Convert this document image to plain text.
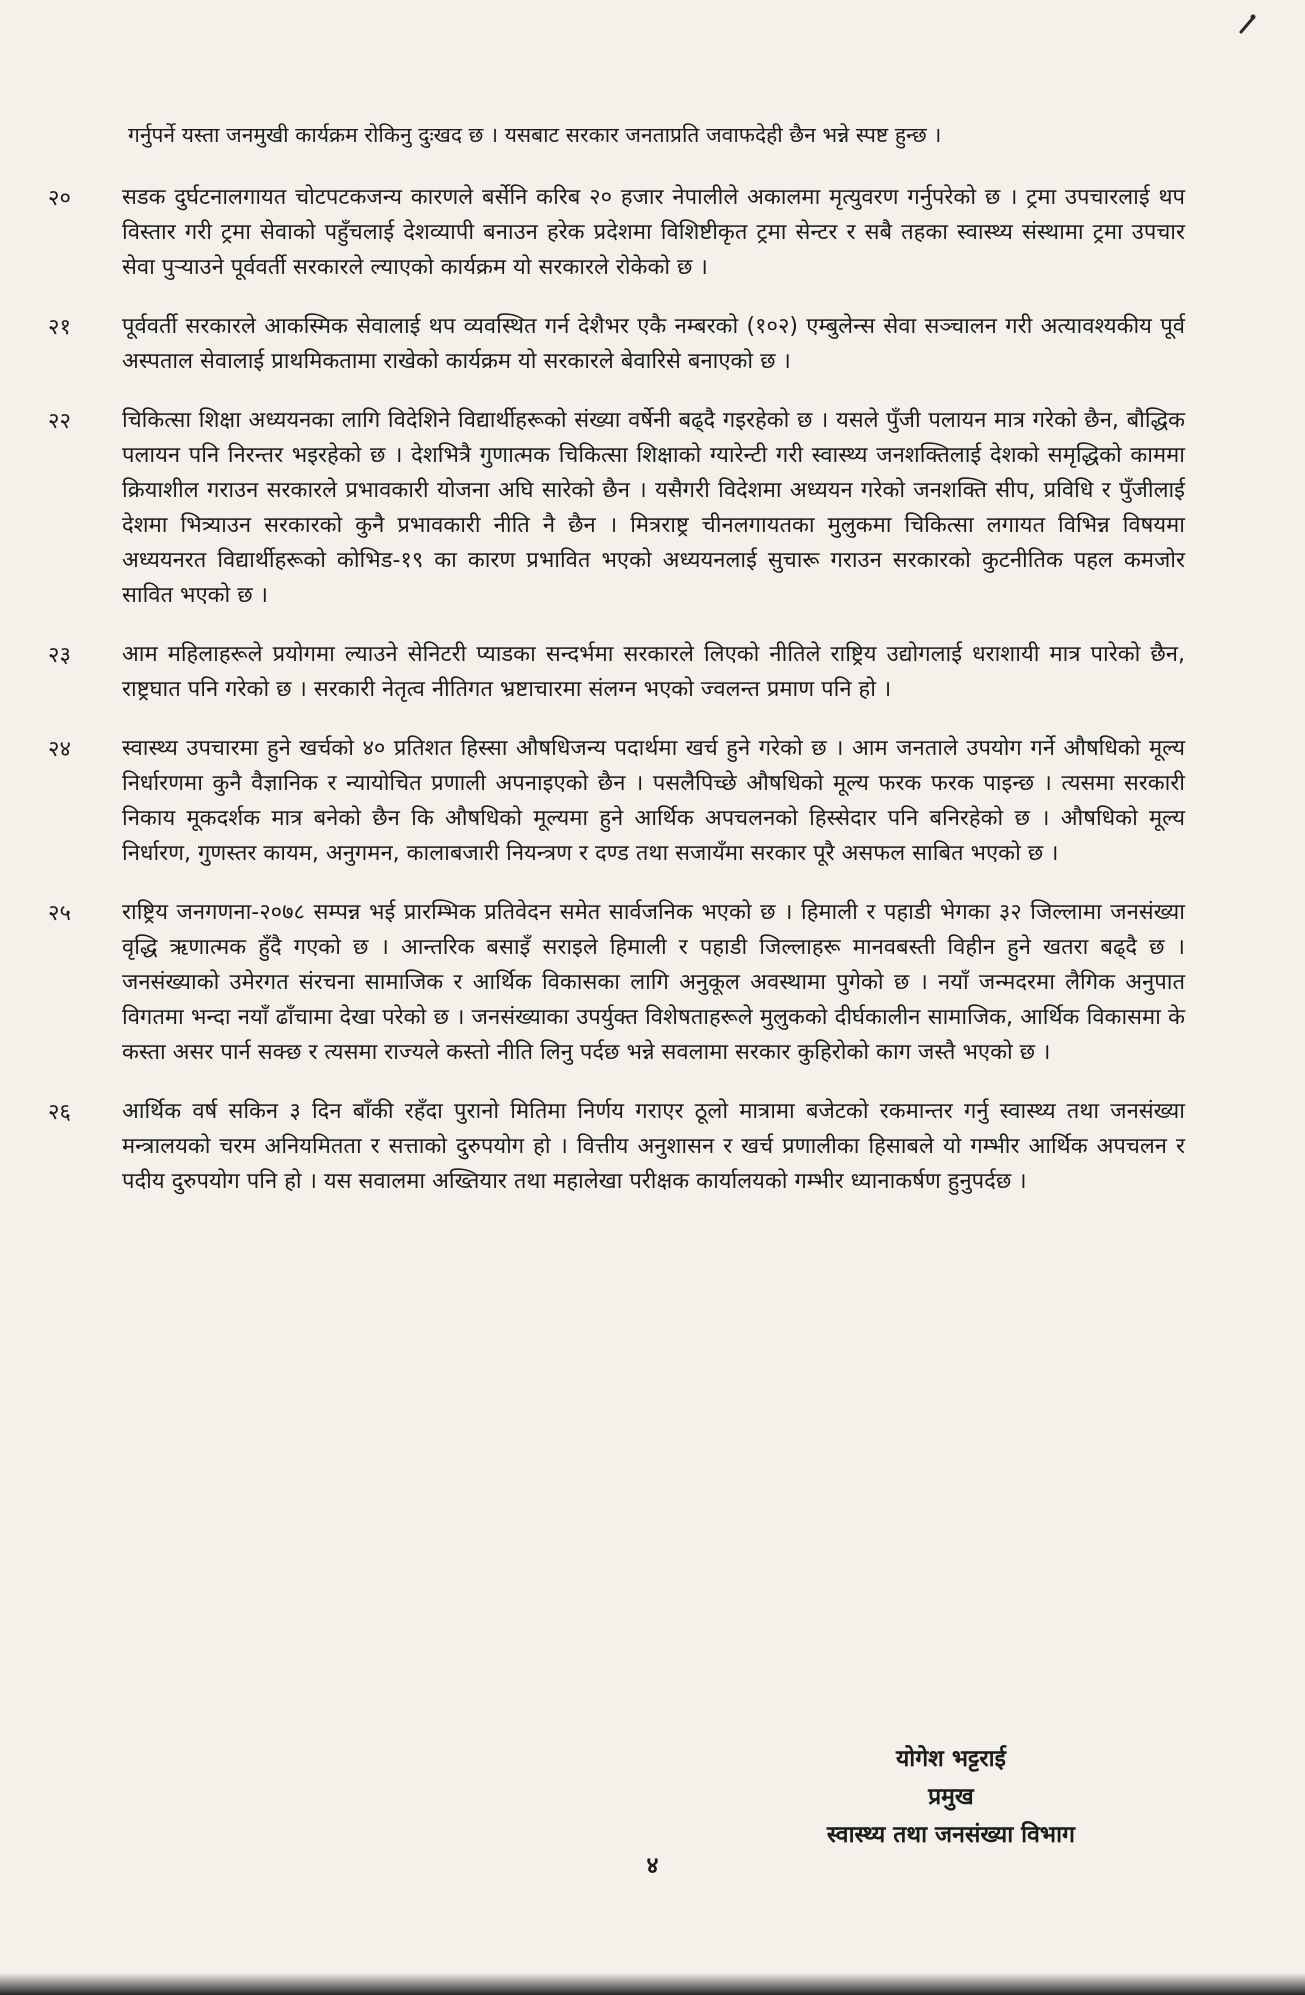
गर्नुपर्ने यस्ता जनमुखी कार्यक्रम रोकिनु दुःखद छ । यसबाट सरकार जनताप्रति जवाफदेही छैन भन्ने स्पष्ट हुन्छ ।
२०	सडक दुर्घटनालगायत चोटपटकजन्य कारणले बर्सेनि करिब २० हजार नेपालीले अकालमा मृत्युवरण गर्नुपरेको छ । ट्रमा उपचारलाई थप विस्तार गरी ट्रमा सेवाको पहुँचलाई देशव्यापी बनाउन हरेक प्रदेशमा विशिष्टीकृत ट्रमा सेन्टर र सबै तहका स्वास्थ्य संस्थामा ट्रमा उपचार सेवा पुऱ्याउने पूर्ववर्ती सरकारले ल्याएको कार्यक्रम यो सरकारले रोकेको छ ।
२१	पूर्ववर्ती सरकारले आकस्मिक सेवालाई थप व्यवस्थित गर्न देशैभर एकै नम्बरको (१०२) एम्बुलेन्स सेवा सञ्चालन गरी अत्यावश्यकीय पूर्व अस्पताल सेवालाई प्राथमिकतामा राखेको कार्यक्रम यो सरकारले बेवारिसे बनाएको छ ।
२२	चिकित्सा शिक्षा अध्ययनका लागि विदेशिने विद्यार्थीहरूको संख्या वर्षेनी बढ्दै गइरहेको छ । यसले पुँजी पलायन मात्र गरेको छैन, बौद्धिक पलायन पनि निरन्तर भइरहेको छ । देशभित्रै गुणात्मक चिकित्सा शिक्षाको ग्यारेन्टी गरी स्वास्थ्य जनशक्तिलाई देशको समृद्धिको काममा क्रियाशील गराउन सरकारले प्रभावकारी योजना अघि सारेको छैन । यसैगरी विदेशमा अध्ययन गरेको जनशक्ति सीप, प्रविधि र पुँजीलाई देशमा भित्र्याउन सरकारको कुनै प्रभावकारी नीति नै छैन । मित्रराष्ट्र चीनलगायतका मुलुकमा चिकित्सा लगायत विभिन्न विषयमा अध्ययनरत विद्यार्थीहरूको कोभिड-१९ का कारण प्रभावित भएको अध्ययनलाई सुचारू गराउन सरकारको कुटनीतिक पहल कमजोर सावित भएको छ ।
२३	आम महिलाहरूले प्रयोगमा ल्याउने सेनिटरी प्याडका सन्दर्भमा सरकारले लिएको नीतिले राष्ट्रिय उद्योगलाई धराशायी मात्र पारेको छैन, राष्ट्रघात पनि गरेको छ । सरकारी नेतृत्व नीतिगत भ्रष्टाचारमा संलग्न भएको ज्वलन्त प्रमाण पनि हो ।
२४	स्वास्थ्य उपचारमा हुने खर्चको ४० प्रतिशत हिस्सा औषधिजन्य पदार्थमा खर्च हुने गरेको छ । आम जनताले उपयोग गर्ने औषधिको मूल्य निर्धारणमा कुनै वैज्ञानिक र न्यायोचित प्रणाली अपनाइएको छैन । पसलैपिच्छे औषधिको मूल्य फरक फरक पाइन्छ । त्यसमा सरकारी निकाय मूकदर्शक मात्र बनेको छैन कि औषधिको मूल्यमा हुने आर्थिक अपचलनको हिस्सेदार पनि बनिरहेको छ । औषधिको मूल्य निर्धारण, गुणस्तर कायम, अनुगमन, कालाबजारी नियन्त्रण र दण्ड तथा सजायँमा सरकार पूरै असफल साबित भएको छ ।
२५	राष्ट्रिय जनगणना-२०७८ सम्पन्न भई प्रारम्भिक प्रतिवेदन समेत सार्वजनिक भएको छ । हिमाली र पहाडी भेगका ३२ जिल्लामा जनसंख्या वृद्धि ऋणात्मक हुँदै गएको छ । आन्तरिक बसाइँ सराइले हिमाली र पहाडी जिल्लाहरू मानवबस्ती विहीन हुने खतरा बढ्दै छ । जनसंख्याको उमेरगत संरचना सामाजिक र आर्थिक विकासका लागि अनुकूल अवस्थामा पुगेको छ । नयाँ जन्मदरमा लैगिक अनुपात विगतमा भन्दा नयाँ ढाँचामा देखा परेको छ । जनसंख्याका उपर्युक्त विशेषताहरूले मुलुकको दीर्घकालीन सामाजिक, आर्थिक विकासमा के कस्ता असर पार्न सक्छ र त्यसमा राज्यले कस्तो नीति लिनु पर्दछ भन्ने सवलामा सरकार कुहिरोको काग जस्तै भएको छ ।
२६	आर्थिक वर्ष सकिन ३ दिन बाँकी रहँदा पुरानो मितिमा निर्णय गराएर ठूलो मात्रामा बजेटको रकमान्तर गर्नु स्वास्थ्य तथा जनसंख्या मन्त्रालयको चरम अनियमितता र सत्ताको दुरुपयोग हो । वित्तीय अनुशासन र खर्च प्रणालीका हिसाबले यो गम्भीर आर्थिक अपचलन र पदीय दुरुपयोग पनि हो । यस सवालमा अख्तियार तथा महालेखा परीक्षक कार्यालयको गम्भीर ध्यानाकर्षण हुनुपर्दछ ।
योगेश भट्टराई
प्रमुख
स्वास्थ्य तथा जनसंख्या विभाग
४
